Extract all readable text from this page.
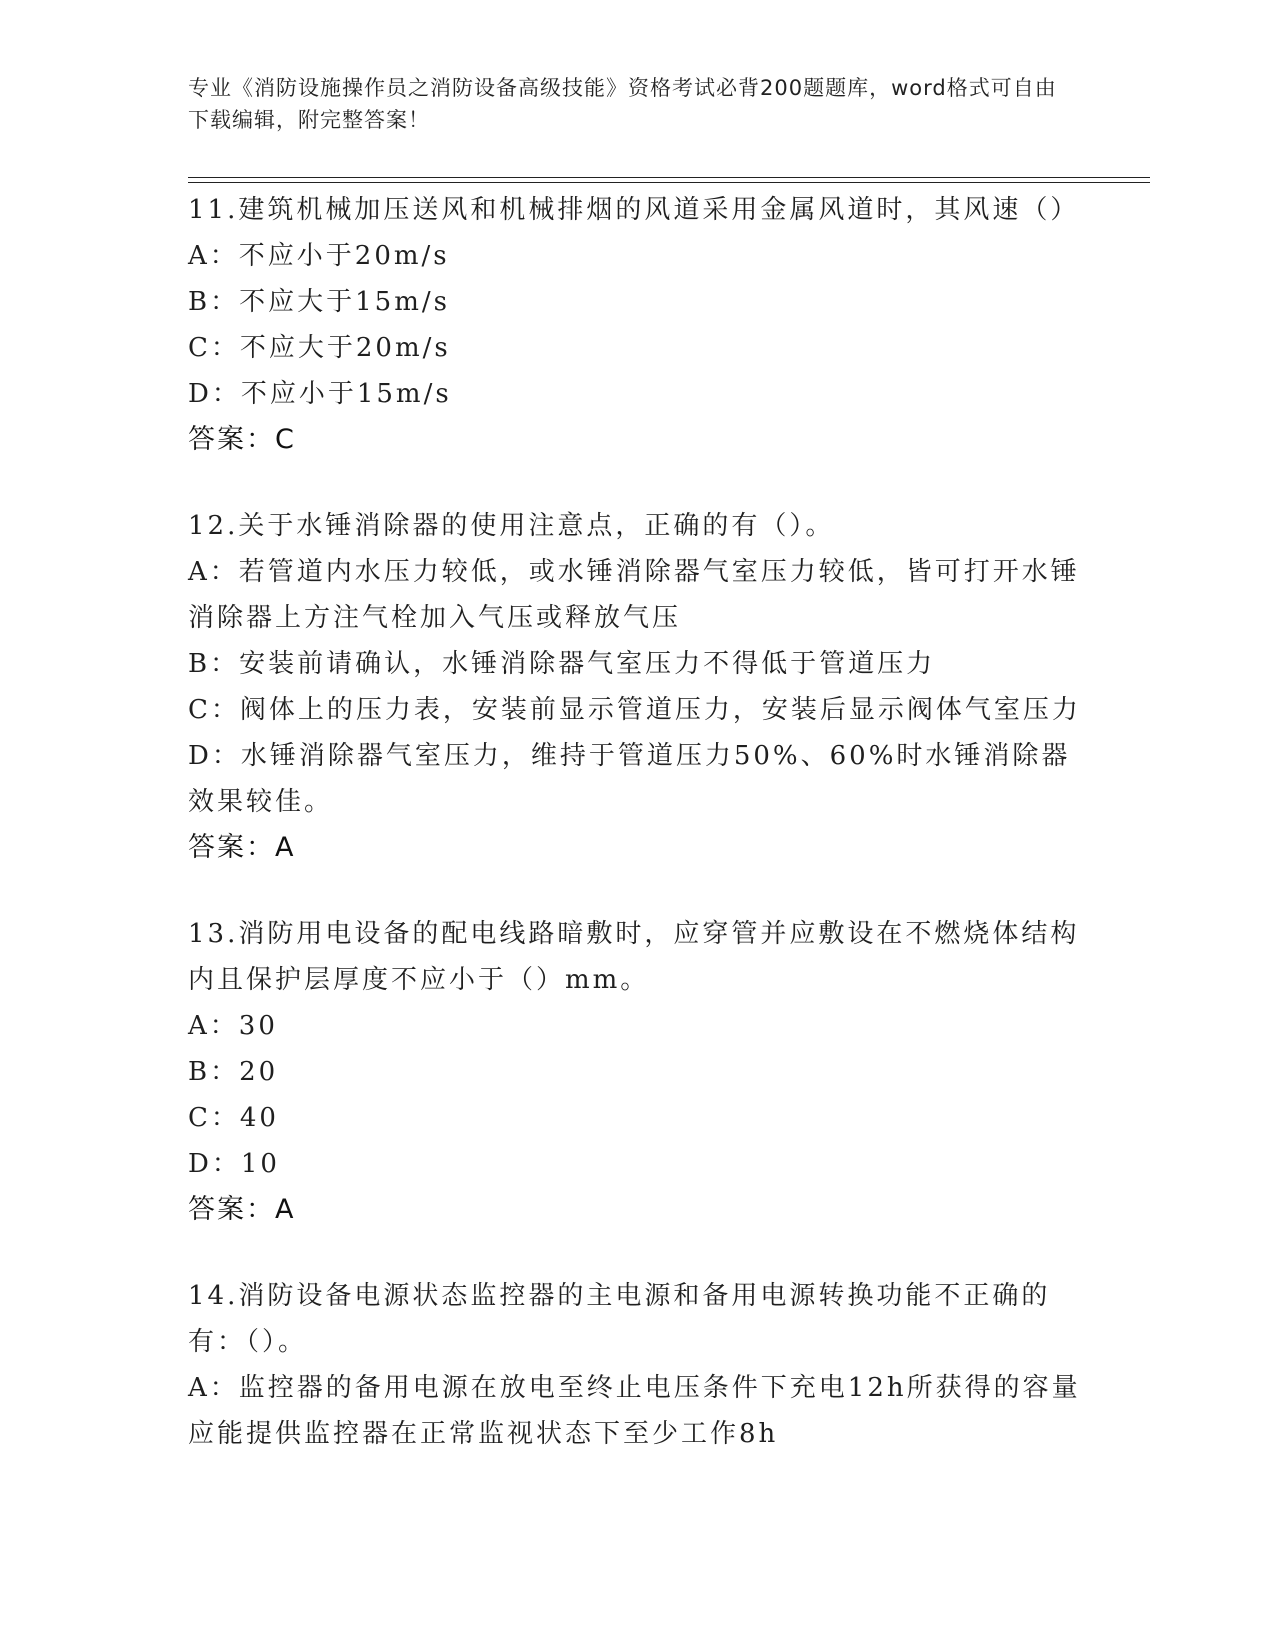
专业《消防设施操作员之消防设备高级技能》资格考试必背200题题库，word格式可自由下载编辑，附完整答案！

11.建筑机械加压送风和机械排烟的风道采用金属风道时，其风速（）

A：不应小于20m/s

B：不应大于15m/s

C：不应大于20m/s

D：不应小于15m/s

答案：C

12.关于水锤消除器的使用注意点，正确的有（）。

A：若管道内水压力较低，或水锤消除器气室压力较低，皆可打开水锤消除器上方注气栓加入气压或释放气压

B：安装前请确认，水锤消除器气室压力不得低于管道压力

C：阀体上的压力表，安装前显示管道压力，安装后显示阀体气室压力

D：水锤消除器气室压力，维持于管道压力50%、60%时水锤消除器效果较佳。

答案：A

13.消防用电设备的配电线路暗敷时，应穿管并应敷设在不燃烧体结构内且保护层厚度不应小于（）mm。

A：30

B：20

C：40

D：10

答案：A

14.消防设备电源状态监控器的主电源和备用电源转换功能不正确的有：（）。

A：监控器的备用电源在放电至终止电压条件下充电12h所获得的容量应能提供监控器在正常监视状态下至少工作8h
